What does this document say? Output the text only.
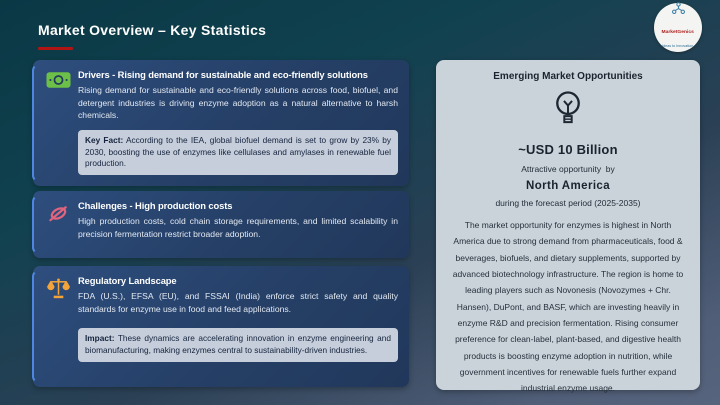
Market Overview – Key Statistics	MarketGenics
Ideas to Innovation

Drivers - Rising demand for sustainable and eco-friendly solutions

Rising demand for sustainable and eco-friendly solutions across food, biofuel, and detergent industries is driving enzyme adoption as a natural alternative to harsh chemicals.

Key Fact: According to the IEA, global biofuel demand is set to grow by 23% by 2030, boosting the use of enzymes like cellulases and amylases in renewable fuel production.

Challenges - High production costs

High production costs, cold chain storage requirements, and limited scalability in precision fermentation restrict broader adoption.

Regulatory Landscape

FDA (U.S.), EFSA (EU), and FSSAI (India) enforce strict safety and quality standards for enzyme use in food and feed applications.

Impact: These dynamics are accelerating innovation in enzyme engineering and biomanufacturing, making enzymes central to sustainability-driven industries.
Emerging Market Opportunities
~USD 10 Billion
Attractive opportunity  by
North America
during the forecast period (2025-2035)
The market opportunity for enzymes is highest in North America due to strong demand from pharmaceuticals, food & beverages, biofuels, and dietary supplements, supported by advanced biotechnology infrastructure. The region is home to leading players such as Novonesis (Novozymes + Chr. Hansen), DuPont, and BASF, which are investing heavily in enzyme R&D and precision fermentation. Rising consumer preference for clean-label, plant-based, and digestive health products is boosting enzyme adoption in nutrition, while government incentives for renewable fuels further expand industrial enzyme usage.
